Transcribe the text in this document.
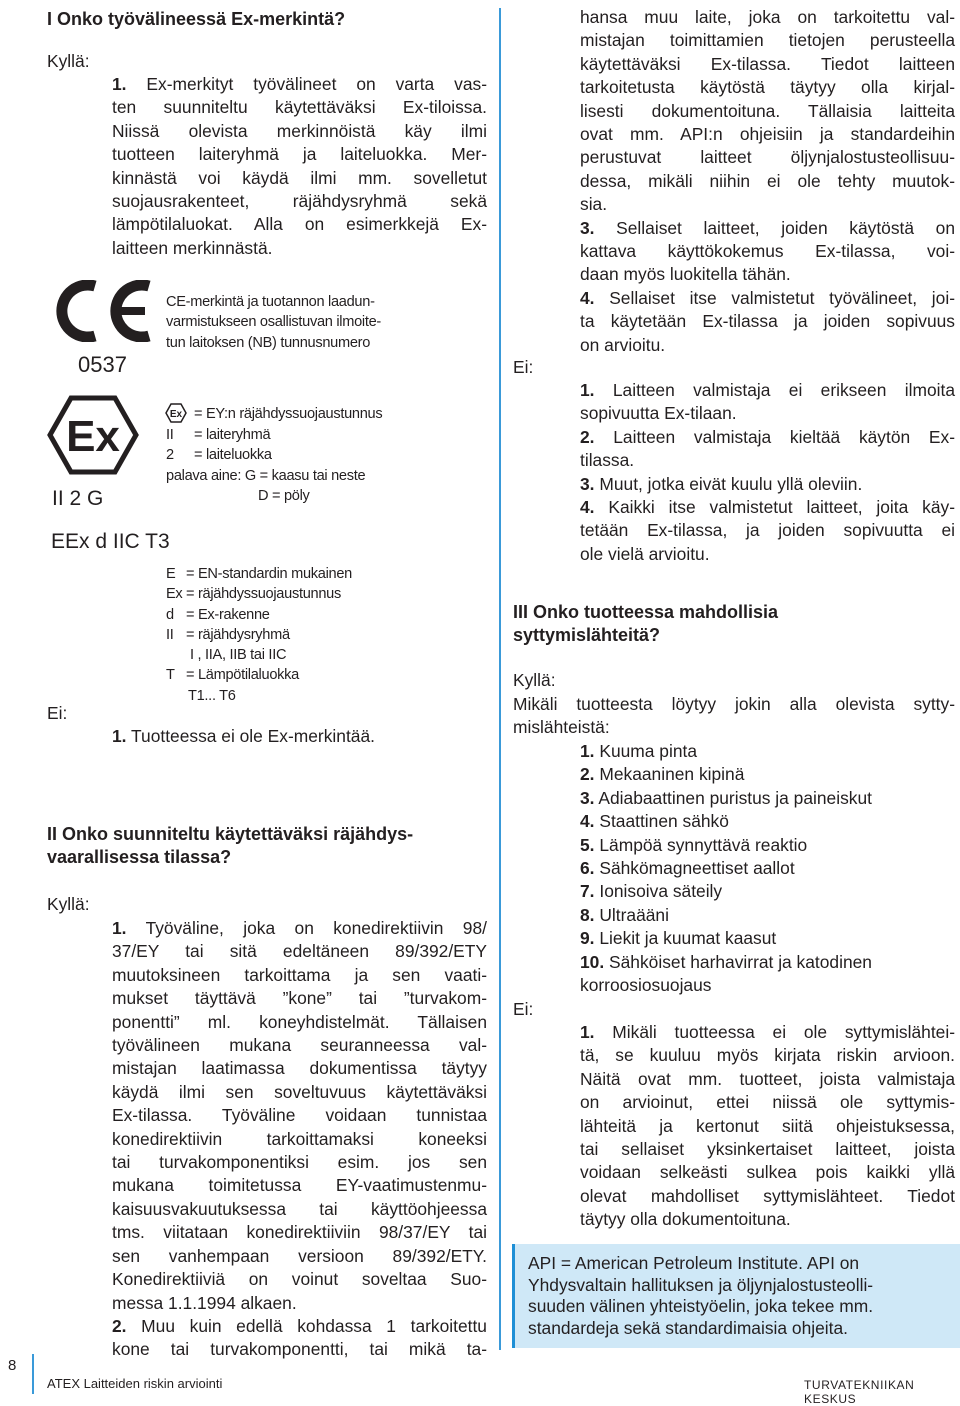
I Onko työvälineessä Ex-merkintä?
Kyllä:
1. Ex-merkityt työvälineet on varta vas-
ten suunniteltu käytettäväksi Ex-tiloissa.
Niissä olevista merkinnöistä käy ilmi
tuotteen laiteryhmä ja laiteluokka. Mer-
kinnästä voi käydä ilmi mm. sovelletut
suojausrakenteet, räjähdysryhmä sekä
lämpötilaluokat. Alla on esimerkkejä Ex-
laitteen merkinnästä.
0537
CE-merkintä ja tuotannon laadun-
varmistukseen osallistuvan ilmoite-
tun laitoksen (NB) tunnusnumero
Ex
II 2 G
Ex = EY:n räjähdyssuojaustunnus
II = laiteryhmä
2 = laiteluokka
palava aine: G = kaasu tai neste
D = pöly
EEx d IIC T3
E = EN-standardin mukainen
Ex = räjähdyssuojaustunnus
d = Ex-rakenne
II = räjähdysryhmä
I , IIA, IIB tai IIC
T = Lämpötilaluokka
T1... T6
Ei:
1. Tuotteessa ei ole Ex-merkintää.
II Onko suunniteltu käytettäväksi räjähdys-
vaarallisessa tilassa?
Kyllä:
1. Työväline, joka on konedirektiivin 98/
37/EY tai sitä edeltäneen 89/392/ETY
muutoksineen tarkoittama ja sen vaati-
mukset täyttävä ”kone” tai ”turvakom-
ponentti” ml. koneyhdistelmät. Tällaisen
työvälineen mukana seuranneessa val-
mistajan laatimassa dokumentissa täytyy
käydä ilmi sen soveltuvuus käytettäväksi
Ex-tilassa. Työväline voidaan tunnistaa
konedirektiivin tarkoittamaksi koneeksi
tai turvakomponentiksi esim. jos sen
mukana toimitetussa EY-vaatimustenmu-
kaisuusvakuutuksessa tai käyttöohjeessa
tms. viitataan konedirektiiviin 98/37/EY tai
sen vanhempaan versioon 89/392/ETY.
Konedirektiiviä on voinut soveltaa Suo-
messa 1.1.1994 alkaen.
2. Muu kuin edellä kohdassa 1 tarkoitettu
kone tai turvakomponentti, tai mikä ta-
hansa muu laite, joka on tarkoitettu val-
mistajan toimittamien tietojen perusteella
käytettäväksi Ex-tilassa. Tiedot laitteen
tarkoitetusta käytöstä täytyy olla kirjal-
lisesti dokumentoituna. Tällaisia laitteita
ovat mm. API:n ohjeisiin ja standardeihin
perustuvat laitteet öljynjalostusteollisuu-
dessa, mikäli niihin ei ole tehty muutok-
sia.
3. Sellaiset laitteet, joiden käytöstä on
kattava käyttökokemus Ex-tilassa, voi-
daan myös luokitella tähän.
4. Sellaiset itse valmistetut työvälineet, joi-
ta käytetään Ex-tilassa ja joiden sopivuus
on arvioitu.
Ei:
1. Laitteen valmistaja ei erikseen ilmoita
sopivuutta Ex-tilaan.
2. Laitteen valmistaja kieltää käytön Ex-
tilassa.
3. Muut, jotka eivät kuulu yllä oleviin.
4. Kaikki itse valmistetut laitteet, joita käy-
tetään Ex-tilassa, ja joiden sopivuutta ei
ole vielä arvioitu.
III Onko tuotteessa mahdollisia
syttymislähteitä?
Kyllä:
Mikäli tuotteesta löytyy jokin alla olevista sytty-
mislähteistä:
1. Kuuma pinta
2. Mekaaninen kipinä
3. Adiabaattinen puristus ja paineiskut
4. Staattinen sähkö
5. Lämpöä synnyttävä reaktio
6. Sähkömagneettiset aallot
7. Ionisoiva säteily
8. Ultraääni
9. Liekit ja kuumat kaasut
10. Sähköiset harhavirrat ja katodinen
korroosiosuojaus
Ei:
1. Mikäli tuotteessa ei ole syttymislähtei-
tä, se kuuluu myös kirjata riskin arvioon.
Näitä ovat mm. tuotteet, joista valmistaja
on arvioinut, ettei niissä ole syttymis-
lähteitä ja kertonut siitä ohjeistuksessa,
tai sellaiset yksinkertaiset laitteet, joista
voidaan selkeästi sulkea pois kaikki yllä
olevat mahdolliset syttymislähteet. Tiedot
täytyy olla dokumentoituna.
API = American Petroleum Institute. API on
Yhdysvaltain hallituksen ja öljynjalostusteolli-
suuden välinen yhteistyöelin, joka tekee mm.
standardeja sekä standardimaisia ohjeita.
8
ATEX Laitteiden riskin arviointi	TURVATEKNIIKAN KESKUS
